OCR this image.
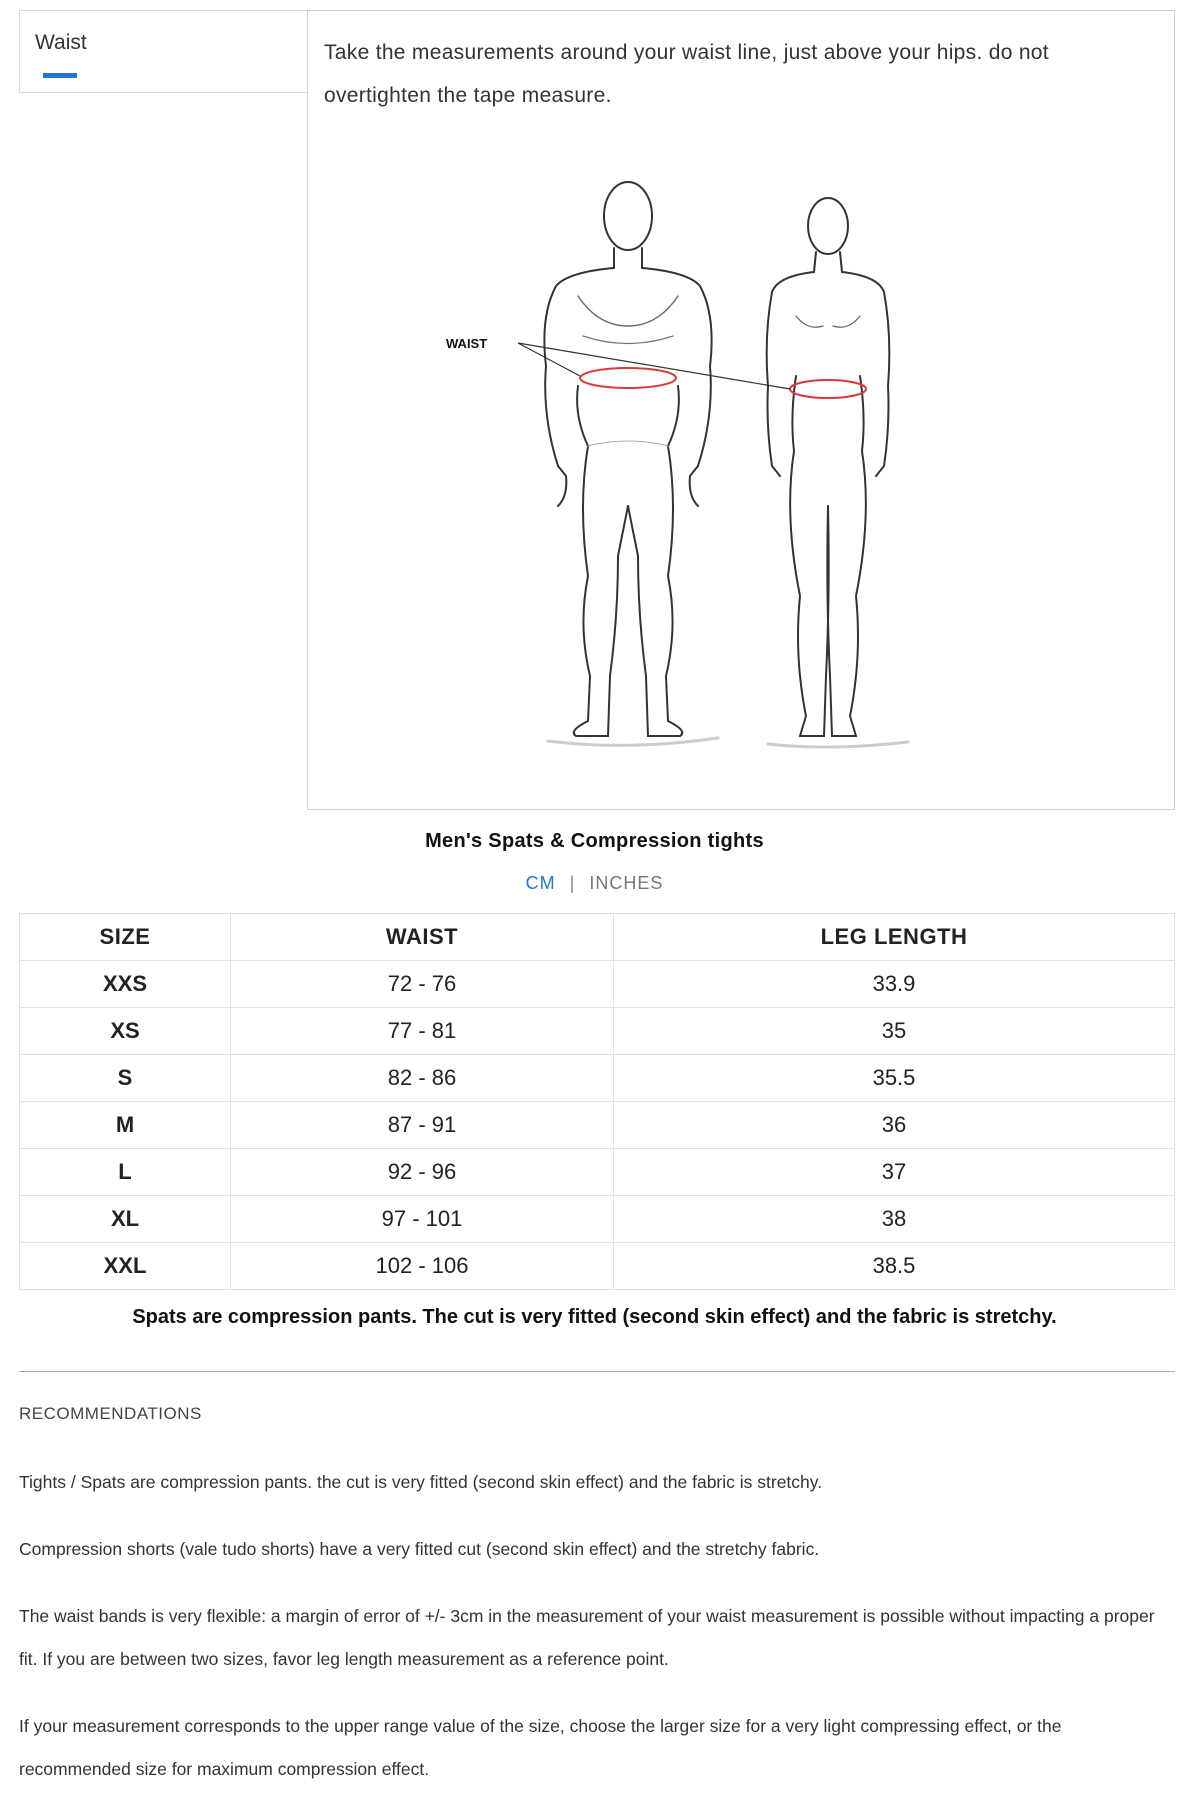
Waist	Take the measurements around your waist line, just above your hips. do not overtighten the tape measure.

WAIST
Men's Spats & Compression tights
CM | INCHES
SIZE	WAIST	LEG LENGTH
XXS	72 - 76	33.9
XS	77 - 81	35
S	82 - 86	35.5
M	87 - 91	36
L	92 - 96	37
XL	97 - 101	38
XXL	102 - 106	38.5
Spats are compression pants. The cut is very fitted (second skin effect) and the fabric is stretchy.
RECOMMENDATIONS

Tights / Spats are compression pants. the cut is very fitted (second skin effect) and the fabric is stretchy.

Compression shorts (vale tudo shorts) have a very fitted cut (second skin effect) and the stretchy fabric.

The waist bands is very flexible: a margin of error of +/- 3cm in the measurement of your waist measurement is possible without impacting a proper fit. If you are between two sizes, favor leg length measurement as a reference point.

If your measurement corresponds to the upper range value of the size, choose the larger size for a very light compressing effect, or the recommended size for maximum compression effect.
